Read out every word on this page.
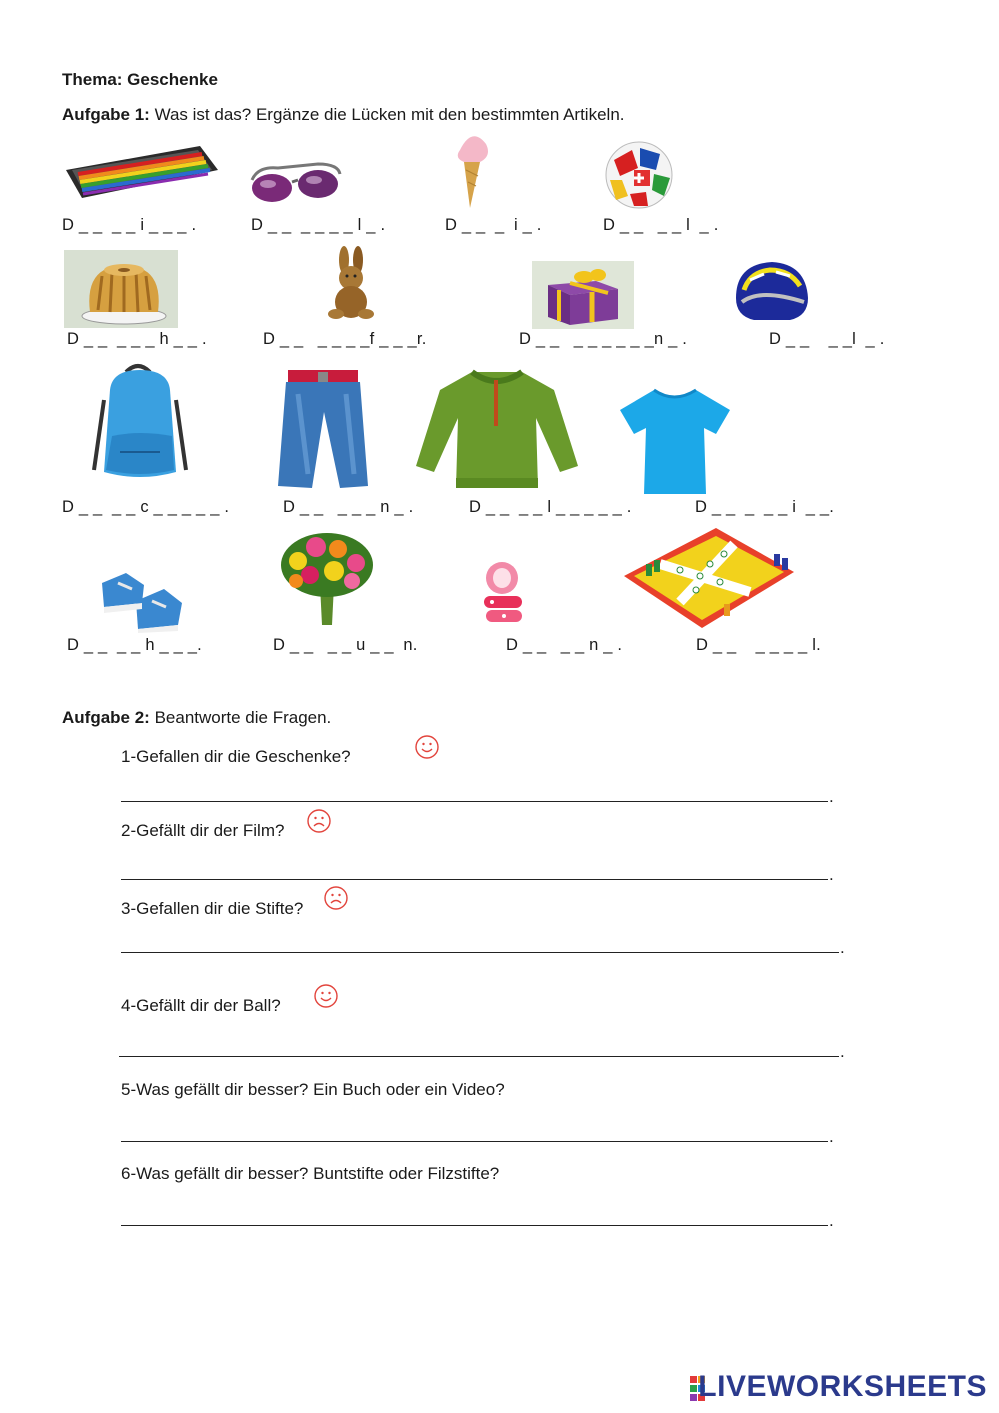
Thema: Geschenke
Aufgabe 1: Was ist das? Ergänze die Lücken mit den bestimmten Artikeln.
D _ _  _ _ i _ _ _ .	D _ _  _ _ _ _ l _ .	D _ _  _  i _ .	D _ _   _ _ l  _ .
D _ _  _ _ _ h _ _ .	D _ _   _ _ _ _f _ _ _r.	D _ _   _ _ _ _ _ _n _ .	D _ _    _ _l  _ .
D _ _  _ _ c _ _ _ _ _ .	D _ _   _ _ _ n _ .	D _ _  _ _ l _ _ _ _ _ .	D _ _  _  _ _ i  _ _.
D _ _  _ _ h _ _ _.	D _ _   _ _ u _ _  n.	D _ _   _ _ n _ .	D _ _    _ _ _ _ l.
Aufgabe 2: Beantworte die Fragen.
1-Gefallen dir die Geschenke?
.
2-Gefällt dir der Film?
.
3-Gefallen dir die Stifte?
.
4-Gefällt dir der Ball?
.
5-Was gefällt dir besser? Ein Buch oder ein Video?
.
6-Was gefällt dir besser? Buntstifte oder Filzstifte?
.
LIVEWORKSHEETS
